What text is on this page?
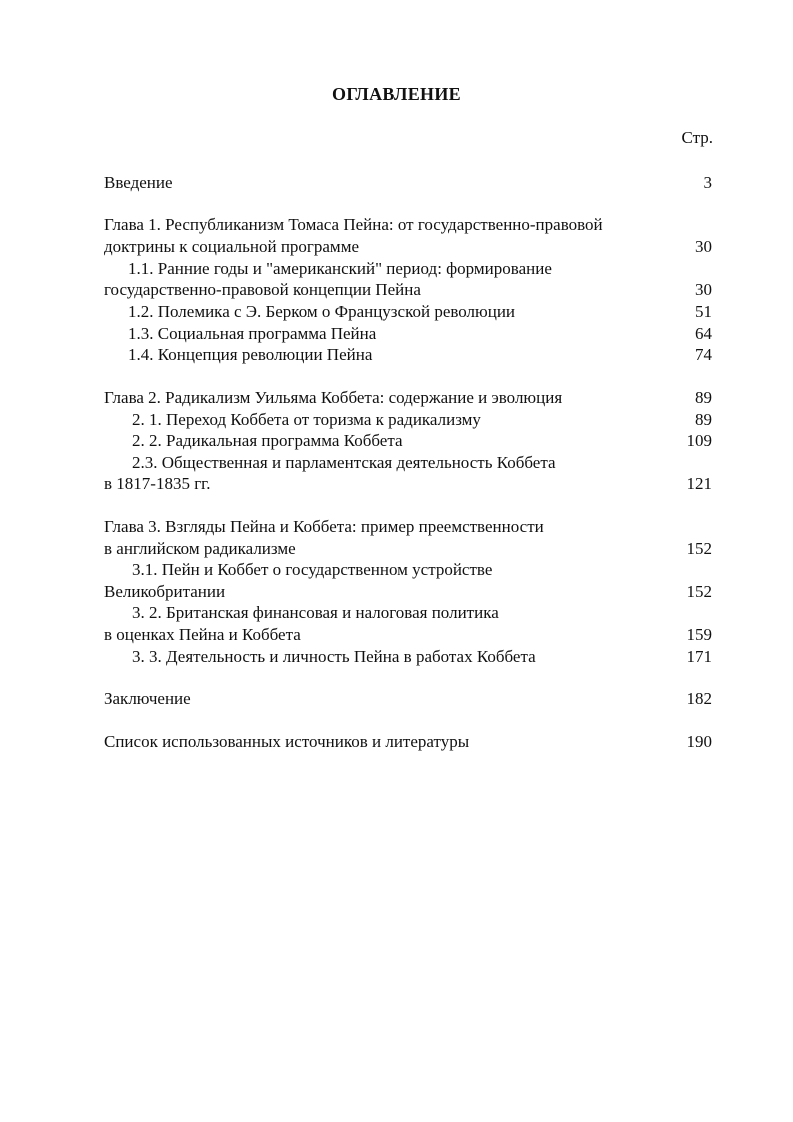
ОГЛАВЛЕНИЕ
Стр.
Введение	3
Глава 1. Республиканизм Томаса Пейна: от государственно-правовой
доктрины к социальной программе	30
1.1. Ранние годы и "американский" период: формирование
государственно-правовой концепции Пейна	30
1.2. Полемика с Э. Берком о Французской революции	51
1.3. Социальная программа Пейна	64
1.4. Концепция революции Пейна	74
Глава 2. Радикализм Уильяма Коббета: содержание и эволюция	89
2. 1. Переход Коббета от торизма к радикализму	89
2. 2. Радикальная программа Коббета	109
2.3. Общественная и парламентская деятельность Коббета
в 1817-1835 гг.	121
Глава 3. Взгляды Пейна и Коббета: пример преемственности
в английском радикализме	152
3.1. Пейн и Коббет о государственном устройстве
Великобритании	152
3. 2. Британская финансовая и налоговая политика
в оценках Пейна и Коббета	159
3. 3. Деятельность и личность Пейна в работах Коббета	171
Заключение	182
Список использованных источников и литературы	190
